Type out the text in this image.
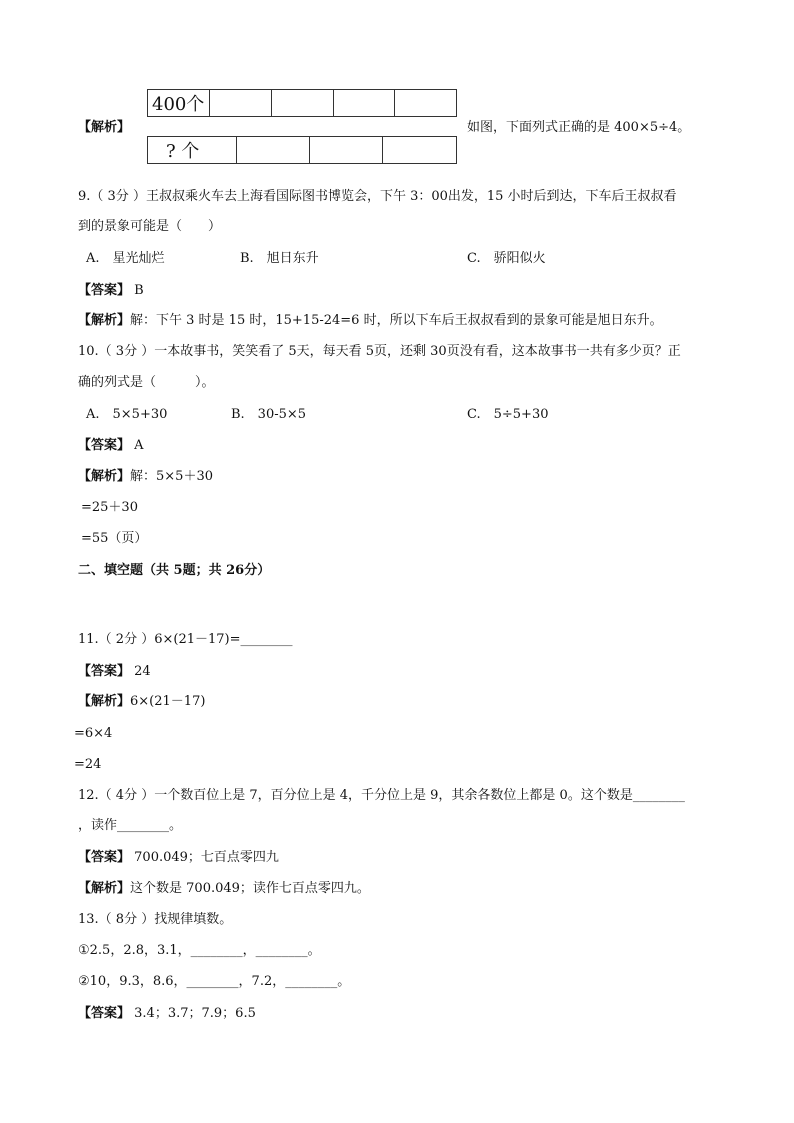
【解析】
400个				
? 个			
如图，下面列式正确的是 400×5÷4。
9.（ 3分 ）王叔叔乘火车去上海看国际图书博览会，下午 3：00出发，15 小时后到达，下车后王叔叔看
到的景象可能是（　　）
A.　星光灿烂	B.　旭日东升	C.　骄阳似火
【答案】 B
【解析】解：下午 3 时是 15 时，15+15-24=6 时，所以下车后王叔叔看到的景象可能是旭日东升。
10.（ 3分 ）一本故事书，笑笑看了 5天，每天看 5页，还剩 30页没有看，这本故事书一共有多少页？正
确的列式是（　　　）。
A.　5×5+30	B.　30-5×5	C.　5÷5+30
【答案】 A
【解析】解：5×5＋30
=25＋30
=55（页）
二、填空题（共 5题；共 26分）
11.（ 2分 ）6×(21－17)=________
【答案】 24
【解析】6×(21－17)
=6×4
=24
12.（ 4分 ）一个数百位上是 7，百分位上是 4，千分位上是 9，其余各数位上都是 0。这个数是________
，读作________。
【答案】 700.049；七百点零四九
【解析】这个数是 700.049；读作七百点零四九。
13.（ 8分 ）找规律填数。
①2.5，2.8，3.1，________，________。
②10，9.3，8.6，________，7.2，________。
【答案】 3.4；3.7；7.9；6.5
